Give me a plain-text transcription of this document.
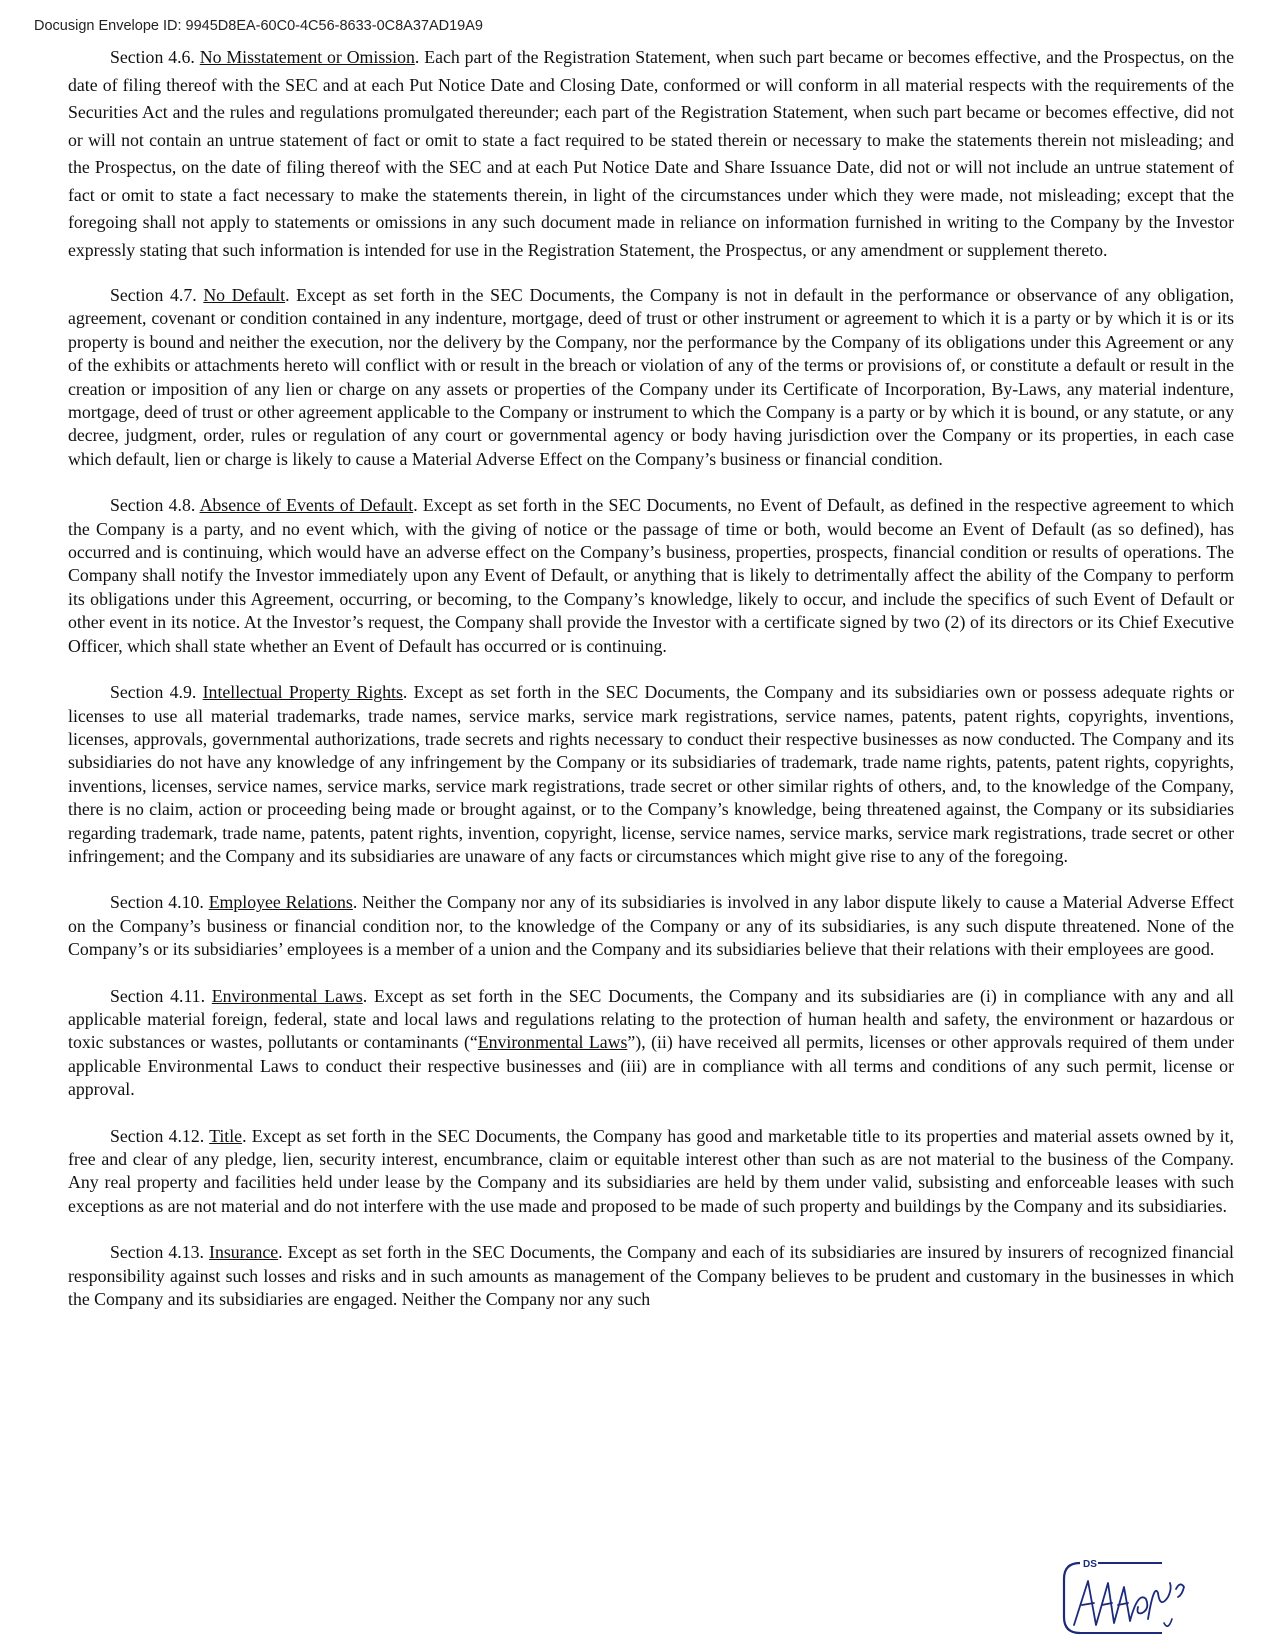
Docusign Envelope ID: 9945D8EA-60C0-4C56-8633-0C8A37AD19A9

Section 4.6. No Misstatement or Omission. Each part of the Registration Statement, when such part became or becomes effective, and the Prospectus, on the date of filing thereof with the SEC and at each Put Notice Date and Closing Date, conformed or will conform in all material respects with the requirements of the Securities Act and the rules and regulations promulgated thereunder; each part of the Registration Statement, when such part became or becomes effective, did not or will not contain an untrue statement of fact or omit to state a fact required to be stated therein or necessary to make the statements therein not misleading; and the Prospectus, on the date of filing thereof with the SEC and at each Put Notice Date and Share Issuance Date, did not or will not include an untrue statement of fact or omit to state a fact necessary to make the statements therein, in light of the circumstances under which they were made, not misleading; except that the foregoing shall not apply to statements or omissions in any such document made in reliance on information furnished in writing to the Company by the Investor expressly stating that such information is intended for use in the Registration Statement, the Prospectus, or any amendment or supplement thereto.

Section 4.7. No Default. Except as set forth in the SEC Documents, the Company is not in default in the performance or observance of any obligation, agreement, covenant or condition contained in any indenture, mortgage, deed of trust or other instrument or agreement to which it is a party or by which it is or its property is bound and neither the execution, nor the delivery by the Company, nor the performance by the Company of its obligations under this Agreement or any of the exhibits or attachments hereto will conflict with or result in the breach or violation of any of the terms or provisions of, or constitute a default or result in the creation or imposition of any lien or charge on any assets or properties of the Company under its Certificate of Incorporation, By-Laws, any material indenture, mortgage, deed of trust or other agreement applicable to the Company or instrument to which the Company is a party or by which it is bound, or any statute, or any decree, judgment, order, rules or regulation of any court or governmental agency or body having jurisdiction over the Company or its properties, in each case which default, lien or charge is likely to cause a Material Adverse Effect on the Company’s business or financial condition.

Section 4.8. Absence of Events of Default. Except as set forth in the SEC Documents, no Event of Default, as defined in the respective agreement to which the Company is a party, and no event which, with the giving of notice or the passage of time or both, would become an Event of Default (as so defined), has occurred and is continuing, which would have an adverse effect on the Company’s business, properties, prospects, financial condition or results of operations. The Company shall notify the Investor immediately upon any Event of Default, or anything that is likely to detrimentally affect the ability of the Company to perform its obligations under this Agreement, occurring, or becoming, to the Company’s knowledge, likely to occur, and include the specifics of such Event of Default or other event in its notice. At the Investor’s request, the Company shall provide the Investor with a certificate signed by two (2) of its directors or its Chief Executive Officer, which shall state whether an Event of Default has occurred or is continuing.

Section 4.9. Intellectual Property Rights. Except as set forth in the SEC Documents, the Company and its subsidiaries own or possess adequate rights or licenses to use all material trademarks, trade names, service marks, service mark registrations, service names, patents, patent rights, copyrights, inventions, licenses, approvals, governmental authorizations, trade secrets and rights necessary to conduct their respective businesses as now conducted. The Company and its subsidiaries do not have any knowledge of any infringement by the Company or its subsidiaries of trademark, trade name rights, patents, patent rights, copyrights, inventions, licenses, service names, service marks, service mark registrations, trade secret or other similar rights of others, and, to the knowledge of the Company, there is no claim, action or proceeding being made or brought against, or to the Company’s knowledge, being threatened against, the Company or its subsidiaries regarding trademark, trade name, patents, patent rights, invention, copyright, license, service names, service marks, service mark registrations, trade secret or other infringement; and the Company and its subsidiaries are unaware of any facts or circumstances which might give rise to any of the foregoing.

Section 4.10. Employee Relations. Neither the Company nor any of its subsidiaries is involved in any labor dispute likely to cause a Material Adverse Effect on the Company’s business or financial condition nor, to the knowledge of the Company or any of its subsidiaries, is any such dispute threatened. None of the Company’s or its subsidiaries’ employees is a member of a union and the Company and its subsidiaries believe that their relations with their employees are good.

Section 4.11. Environmental Laws. Except as set forth in the SEC Documents, the Company and its subsidiaries are (i) in compliance with any and all applicable material foreign, federal, state and local laws and regulations relating to the protection of human health and safety, the environment or hazardous or toxic substances or wastes, pollutants or contaminants (“Environmental Laws”), (ii) have received all permits, licenses or other approvals required of them under applicable Environmental Laws to conduct their respective businesses and (iii) are in compliance with all terms and conditions of any such permit, license or approval.

Section 4.12. Title. Except as set forth in the SEC Documents, the Company has good and marketable title to its properties and material assets owned by it, free and clear of any pledge, lien, security interest, encumbrance, claim or equitable interest other than such as are not material to the business of the Company. Any real property and facilities held under lease by the Company and its subsidiaries are held by them under valid, subsisting and enforceable leases with such exceptions as are not material and do not interfere with the use made and proposed to be made of such property and buildings by the Company and its subsidiaries.

Section 4.13. Insurance. Except as set forth in the SEC Documents, the Company and each of its subsidiaries are insured by insurers of recognized financial responsibility against such losses and risks and in such amounts as management of the Company believes to be prudent and customary in the businesses in which the Company and its subsidiaries are engaged. Neither the Company nor any such

DS
